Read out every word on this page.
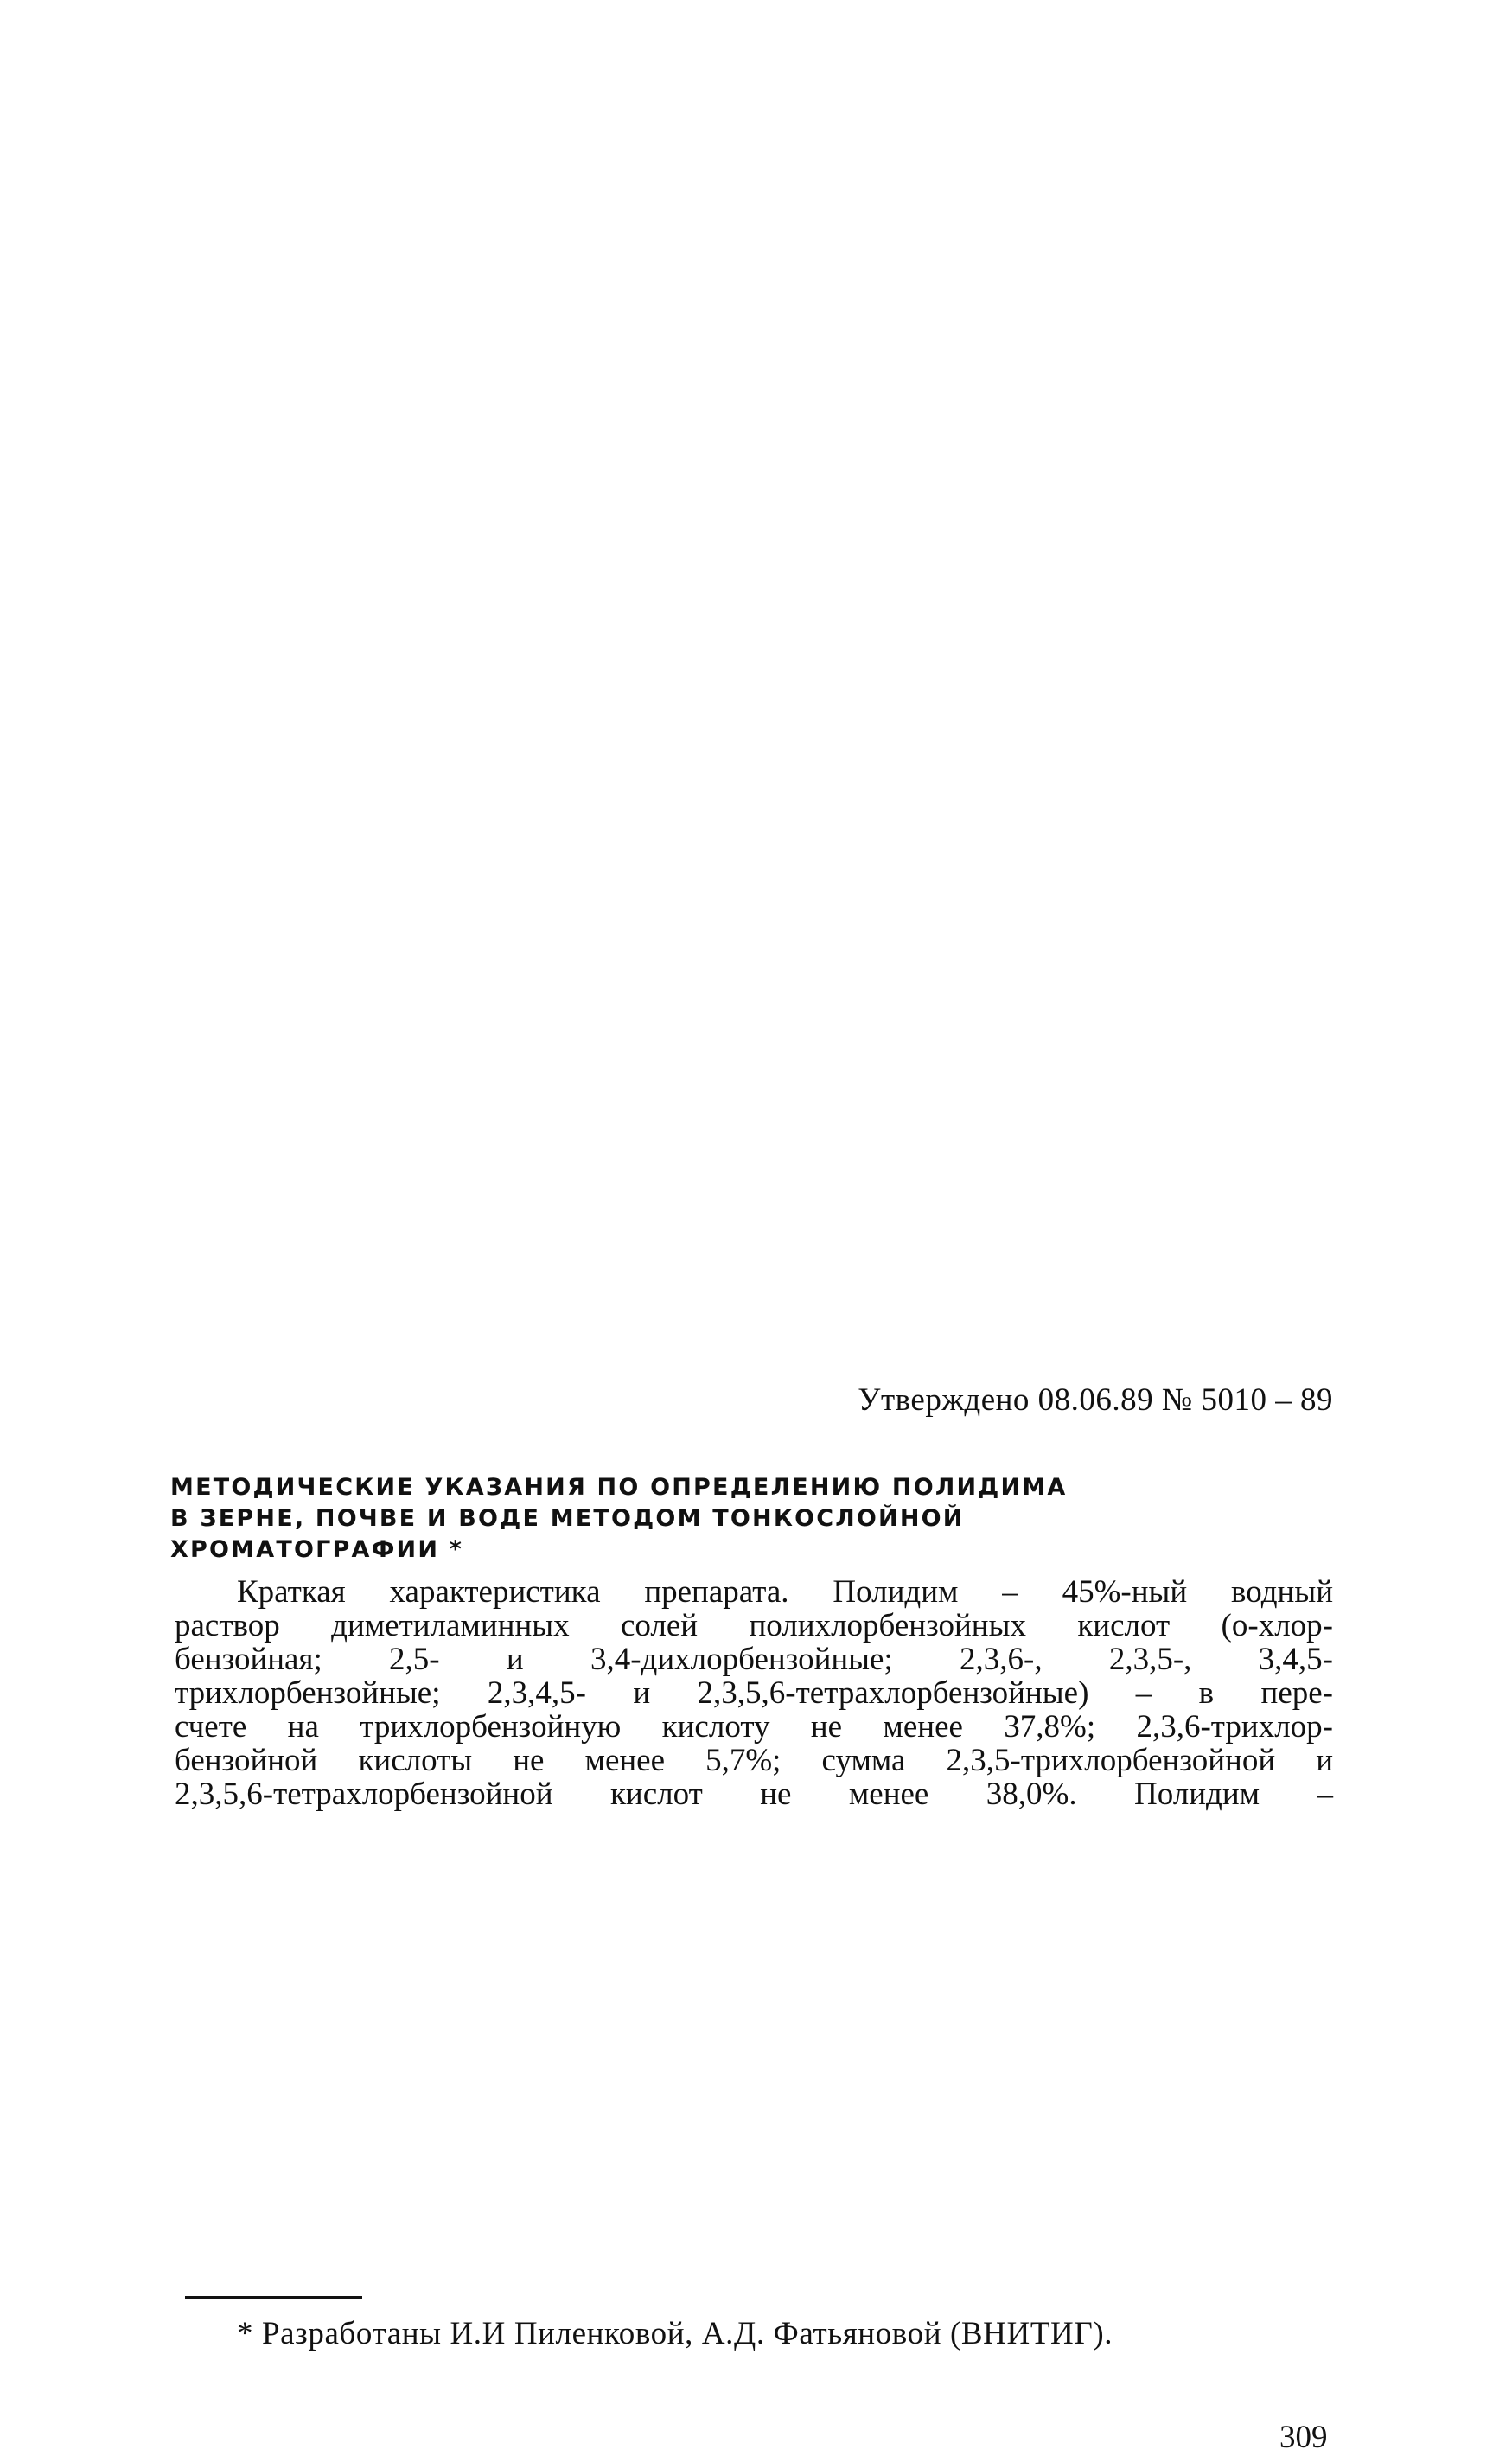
Утверждено 08.06.89 № 5010 – 89
МЕТОДИЧЕСКИЕ УКАЗАНИЯ ПО ОПРЕДЕЛЕНИЮ ПОЛИДИМА
В ЗЕРНЕ, ПОЧВЕ И ВОДЕ МЕТОДОМ ТОНКОСЛОЙНОЙ
ХРОМАТОГРАФИИ *
Краткая характеристика препарата. Полидим – 45%-ный водный
раствор диметиламинных солей полихлорбензойных кислот (о-хлор-
бензойная; 2,5- и 3,4-дихлорбензойные; 2,3,6-, 2,3,5-, 3,4,5-
трихлорбензойные; 2,3,4,5- и 2,3,5,6-тетрахлорбензойные) – в пере-
счете на трихлорбензойную кислоту не менее 37,8%; 2,3,6-трихлор-
бензойной кислоты не менее 5,7%; сумма 2,3,5-трихлорбензойной и
2,3,5,6-тетрахлорбензойной кислот не менее 38,0%. Полидим –
* Разработаны И.И Пиленковой, А.Д. Фатьяновой (ВНИТИГ).
309
